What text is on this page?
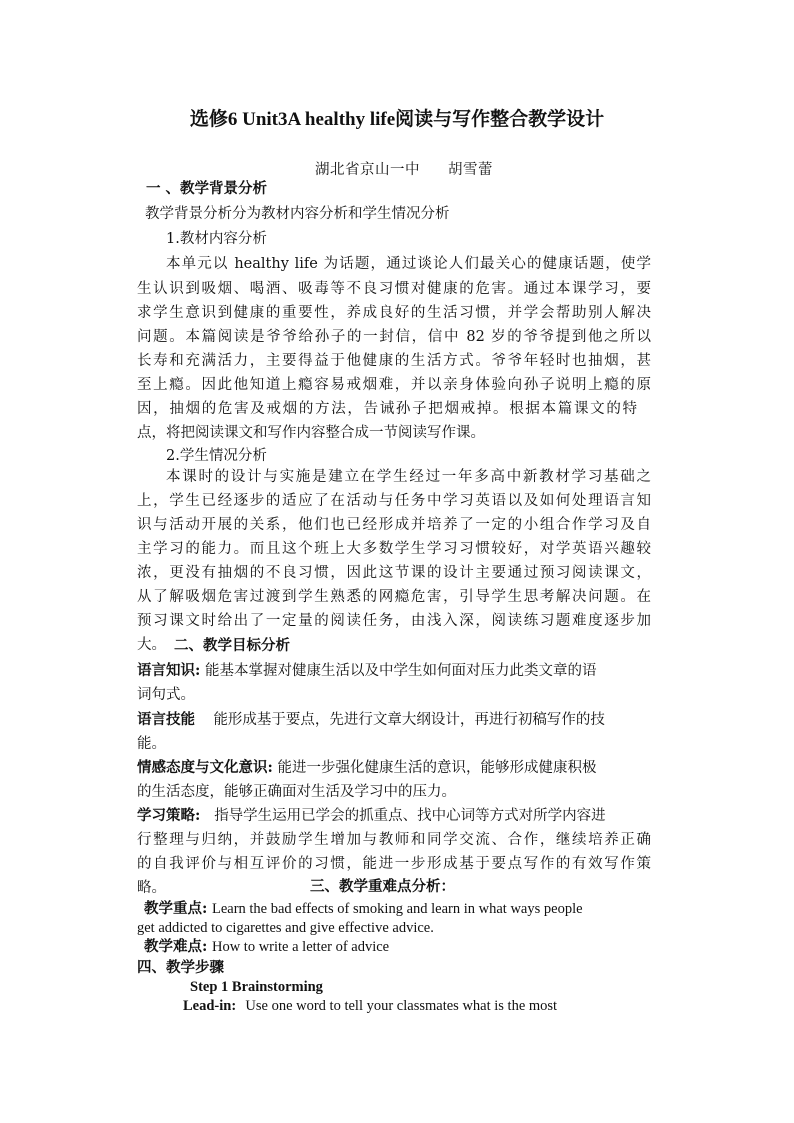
选修6 Unit3A healthy life阅读与写作整合教学设计
湖北省京山一中 胡雪蕾
一 、教学背景分析
教学背景分析分为教材内容分析和学生情况分析
1.教材内容分析
本单元以 healthy life 为话题，通过谈论人们最关心的健康话题，使学
生认识到吸烟、喝酒、吸毒等不良习惯对健康的危害。通过本课学习，要
求学生意识到健康的重要性，养成良好的生活习惯，并学会帮助别人解决
问题。本篇阅读是爷爷给孙子的一封信，信中 82 岁的爷爷提到他之所以
长寿和充满活力，主要得益于他健康的生活方式。爷爷年轻时也抽烟，甚
至上瘾。因此他知道上瘾容易戒烟难，并以亲身体验向孙子说明上瘾的原
因，抽烟的危害及戒烟的方法，告诫孙子把烟戒掉。根据本篇课文的特
点，将把阅读课文和写作内容整合成一节阅读写作课。
2.学生情况分析
本课时的设计与实施是建立在学生经过一年多高中新教材学习基础之
上，学生已经逐步的适应了在活动与任务中学习英语以及如何处理语言知
识与活动开展的关系，他们也已经形成并培养了一定的小组合作学习及自
主学习的能力。而且这个班上大多数学生学习习惯较好，对学英语兴趣较
浓，更没有抽烟的不良习惯，因此这节课的设计主要通过预习阅读课文，
从了解吸烟危害过渡到学生熟悉的网瘾危害，引导学生思考解决问题。在
预习课文时给出了一定量的阅读任务，由浅入深，阅读练习题难度逐步加
大。 二、教学目标分析
语言知识: 能基本掌握对健康生活以及中学生如何面对压力此类文章的语
词句式。
语言技能 能形成基于要点，先进行文章大纲设计，再进行初稿写作的技
能。
情感态度与文化意识: 能进一步强化健康生活的意识，能够形成健康积极
的生活态度，能够正确面对生活及学习中的压力。
学习策略: 指导学生运用已学会的抓重点、找中心词等方式对所学内容进
行整理与归纳，并鼓励学生增加与教师和同学交流、合作，继续培养正确
的自我评价与相互评价的习惯，能进一步形成基于要点写作的有效写作策
略。	三、教学重难点分析：
教学重点: Learn the bad effects of smoking and learn in what ways people
get addicted to cigarettes and give effective advice.
教学难点: How to write a letter of advice
四、教学步骤
Step 1 Brainstorming
Lead-in: Use one word to tell your classmates what is the most
